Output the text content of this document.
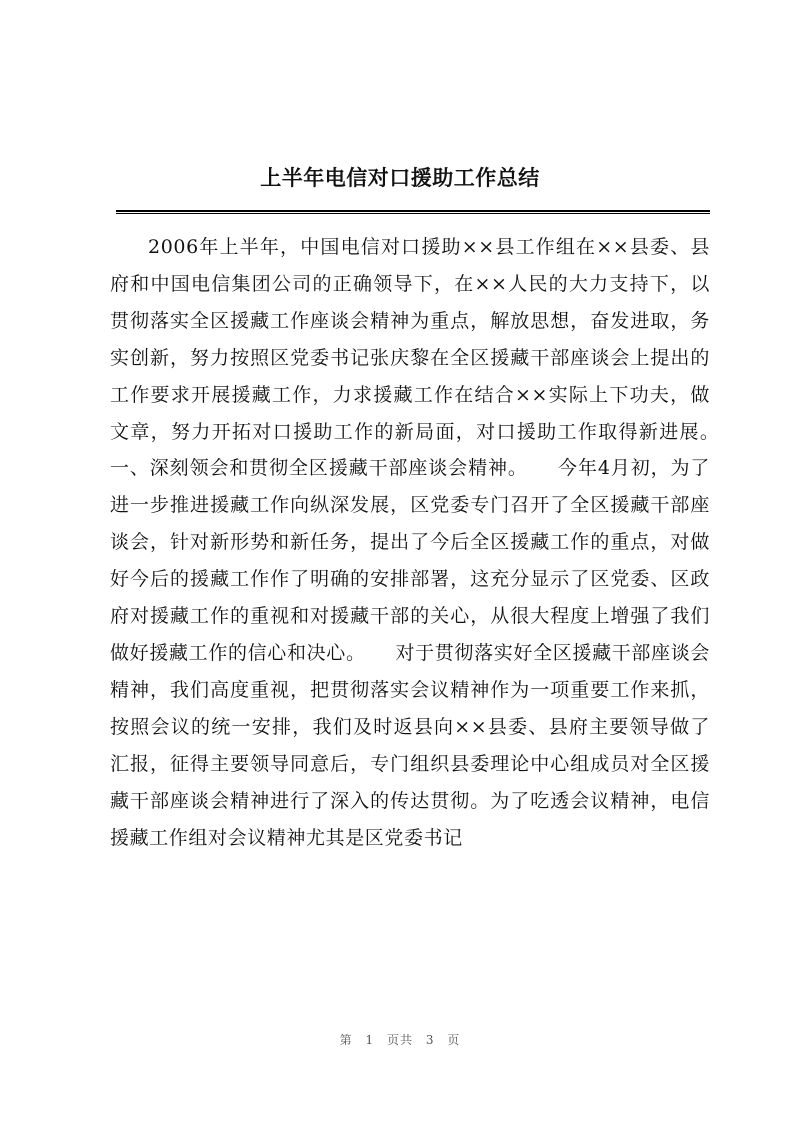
上半年电信对口援助工作总结

2006年上半年，中国电信对口援助××县工作组在××县委、县府和中国电信集团公司的正确领导下，在××人民的大力支持下，以贯彻落实全区援藏工作座谈会精神为重点，解放思想，奋发进取，务实创新，努力按照区党委书记张庆黎在全区援藏干部座谈会上提出的工作要求开展援藏工作，力求援藏工作在结合××实际上下功夫，做文章，努力开拓对口援助工作的新局面，对口援助工作取得新进展。　　一、深刻领会和贯彻全区援藏干部座谈会精神。　　今年4月初，为了进一步推进援藏工作向纵深发展，区党委专门召开了全区援藏干部座谈会，针对新形势和新任务，提出了今后全区援藏工作的重点，对做好今后的援藏工作作了明确的安排部署，这充分显示了区党委、区政府对援藏工作的重视和对援藏干部的关心，从很大程度上增强了我们做好援藏工作的信心和决心。　　对于贯彻落实好全区援藏干部座谈会精神，我们高度重视，把贯彻落实会议精神作为一项重要工作来抓，按照会议的统一安排，我们及时返县向××县委、县府主要领导做了汇报，征得主要领导同意后，专门组织县委理论中心组成员对全区援藏干部座谈会精神进行了深入的传达贯彻。为了吃透会议精神，电信援藏工作组对会议精神尤其是区党委书记

第 1 页共 3 页
